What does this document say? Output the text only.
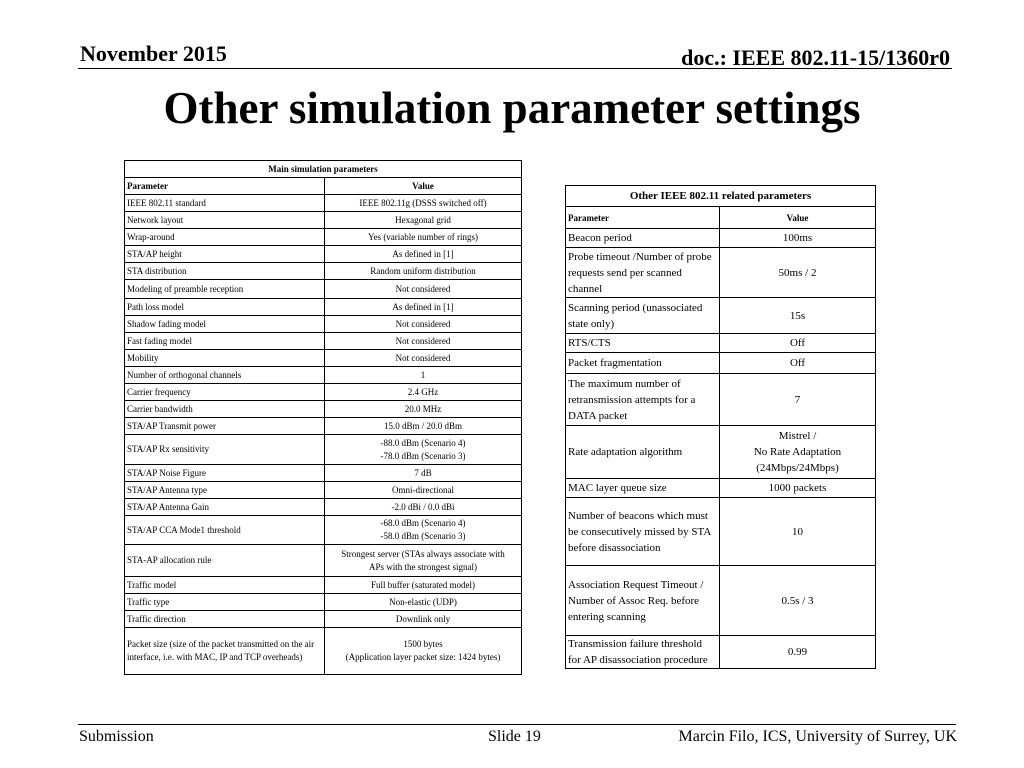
November 2015	doc.: IEEE 802.11-15/1360r0
Other simulation parameter settings
Main simulation parameters	
Parameter	Value
IEEE 802.11 standard	IEEE 802.11g (DSSS switched off)
Network layout	Hexagonal grid
Wrap-around	Yes (variable number of rings)
STA/AP height	As defined in [1]
STA distribution	Random uniform distribution
Modeling of preamble reception	Not considered
Path loss model	As defined in [1]
Shadow fading model	Not considered
Fast fading model	Not considered
Mobility	Not considered
Number of orthogonal channels	1
Carrier frequency	2.4 GHz
Carrier bandwidth	20.0 MHz
STA/AP Transmit power	15.0 dBm / 20.0 dBm
STA/AP Rx sensitivity	-88.0 dBm (Scenario 4)
-78.0 dBm (Scenario 3)

STA/AP Noise Figure	7 dB
STA/AP Antenna type	Omni-directional
STA/AP Antenna Gain	-2.0 dBi / 0.0 dBi
STA/AP CCA Mode1 threshold	-68.0 dBm (Scenario 4)
-58.0 dBm (Scenario 3)

STA-AP allocation rule	Strongest server (STAs always associate with
APs with the strongest signal)

Traffic model	Full buffer (saturated model)
Traffic type	Non-elastic (UDP)
Traffic direction	Downlink only
Packet size (size of the packet transmitted on the air interface, i.e. with MAC, IP and TCP overheads)	1500 bytes
(Application layer packet size: 1424 bytes)
Other IEEE 802.11 related parameters	
Parameter	Value
Beacon period	100ms
Probe timeout /Number of probe requests send per scanned channel	50ms / 2
Scanning period (unassociated state only)	15s
RTS/CTS	Off
Packet fragmentation	Off
The maximum number of retransmission attempts for a DATA packet	7
Rate adaptation algorithm	Mistrel /
No Rate Adaptation
(24Mbps/24Mbps)

MAC layer queue size	1000 packets
Number of beacons which must be consecutively missed by STA before disassociation	10
Association Request Timeout / Number of Assoc Req. before entering scanning	0.5s / 3
Transmission failure threshold for AP disassociation procedure	0.99
Submission	Slide 19	Marcin Filo, ICS, University of Surrey, UK
